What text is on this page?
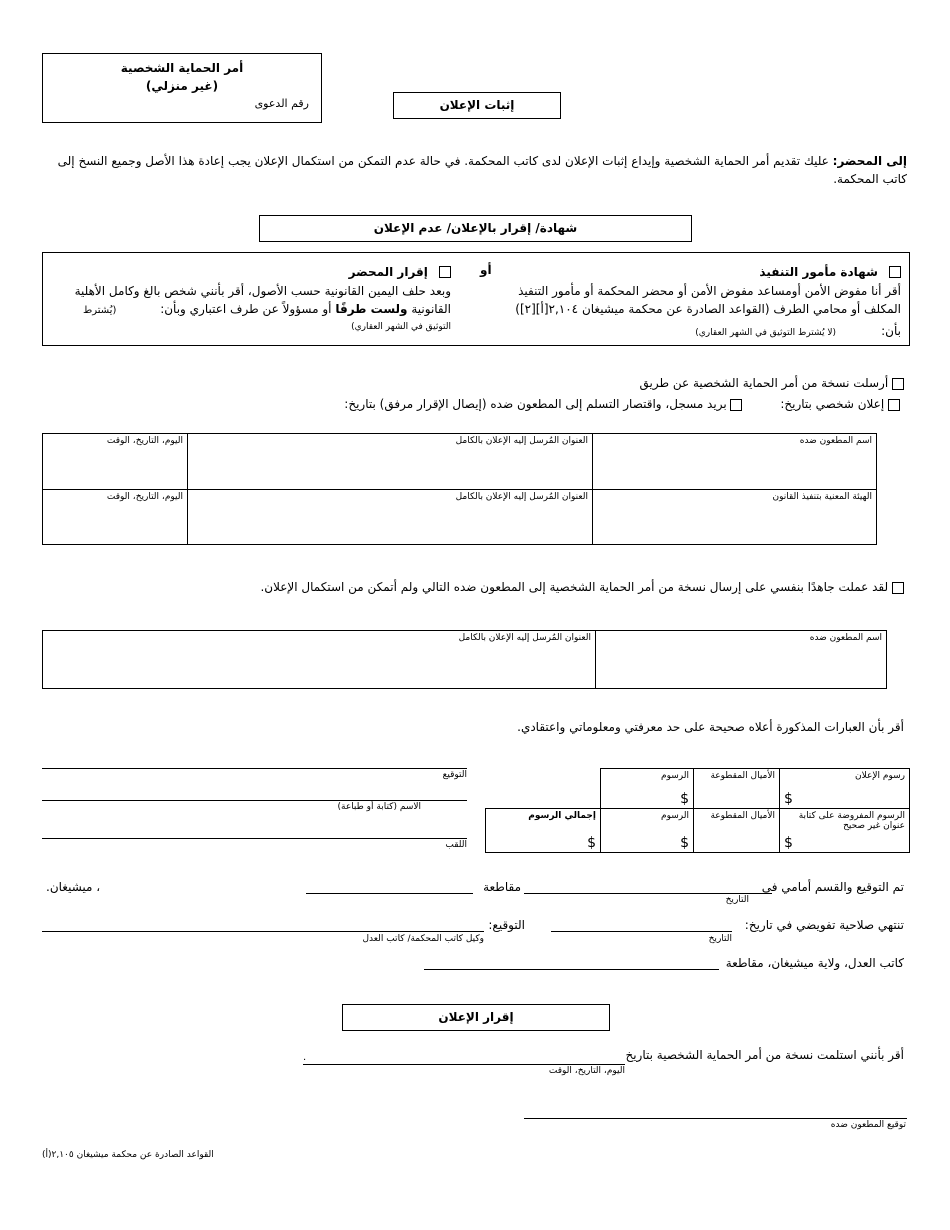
أمر الحماية الشخصية
(غير منزلي)
رقم الدعوى	إثبات الإعلان
إلى المحضر: عليك تقديم أمر الحماية الشخصية وإيداع إثبات الإعلان لدى كاتب المحكمة. في حالة عدم التمكن من استكمال الإعلان يجب إعادة هذا الأصل وجميع النسخ إلى كاتب المحكمة.
شهادة/ إقرار بالإعلان/ عدم الإعلان
شهادة مأمور التنفيذ
أقر أنا مفوض الأمن أومساعد مفوض الأمن أو محضر المحكمة أو مأمور التنفيذ المكلف أو محامي الطرف (القواعد الصادرة عن محكمة ميشيغان ٢,١٠٤[أ][٢])
بأن: (لا يُشترط التوثيق في الشهر العقاري)
أو
إقرار المحضر
وبعد حلف اليمين القانونية حسب الأصول، أقر بأنني شخص بالغ وكامل الأهلية القانونية ولست طرفًا أو مسؤولاً عن طرف اعتباري وبأن: (يُشترط
التوثيق في الشهر العقاري)
أرسلت نسخة من أمر الحماية الشخصية عن طريق
إعلان شخصي بتاريخ:  بريد مسجل، واقتصار التسلم إلى المطعون ضده (إيصال الإقرار مرفق) بتاريخ:
اسم المطعون ضده
العنوان المُرسل إليه الإعلان بالكامل
اليوم، التاريخ، الوقت
الهيئة المعنية بتنفيذ القانون
العنوان المُرسل إليه الإعلان بالكامل
اليوم، التاريخ، الوقت
لقد عملت جاهدًا بنفسي على إرسال نسخة من أمر الحماية الشخصية إلى المطعون ضده التالي ولم أتمكن من استكمال الإعلان.
اسم المطعون ضده
العنوان المُرسل إليه الإعلان بالكامل
أقر بأن العبارات المذكورة أعلاه صحيحة على حد معرفتي ومعلوماتي واعتقادي.
التوقيع
الاسم (كتابة أو طباعة)
اللقب
رسوم الإعلان
$
الأميال المقطوعة
الرسوم
$
الرسوم المفروضة على كتابة عنوان غير صحيح
$
الأميال المقطوعة
الرسوم
$
إجمالي الرسوم
$
تم التوقيع والقسم أمامي في
التاريخ
مقاطعة
، ميشيغان.
تنتهي صلاحية تفويضي في تاريخ:
التاريخ
التوقيع:
وكيل كاتب المحكمة/ كاتب العدل
كاتب العدل، ولاية ميشيغان، مقاطعة
إقرار الإعلان
أقر بأنني استلمت نسخة من أمر الحماية الشخصية بتاريخ
.
اليوم، التاريخ، الوقت
توقيع المطعون ضده
القواعد الصادرة عن محكمة ميشيغان ٢,١٠٥(أ)
